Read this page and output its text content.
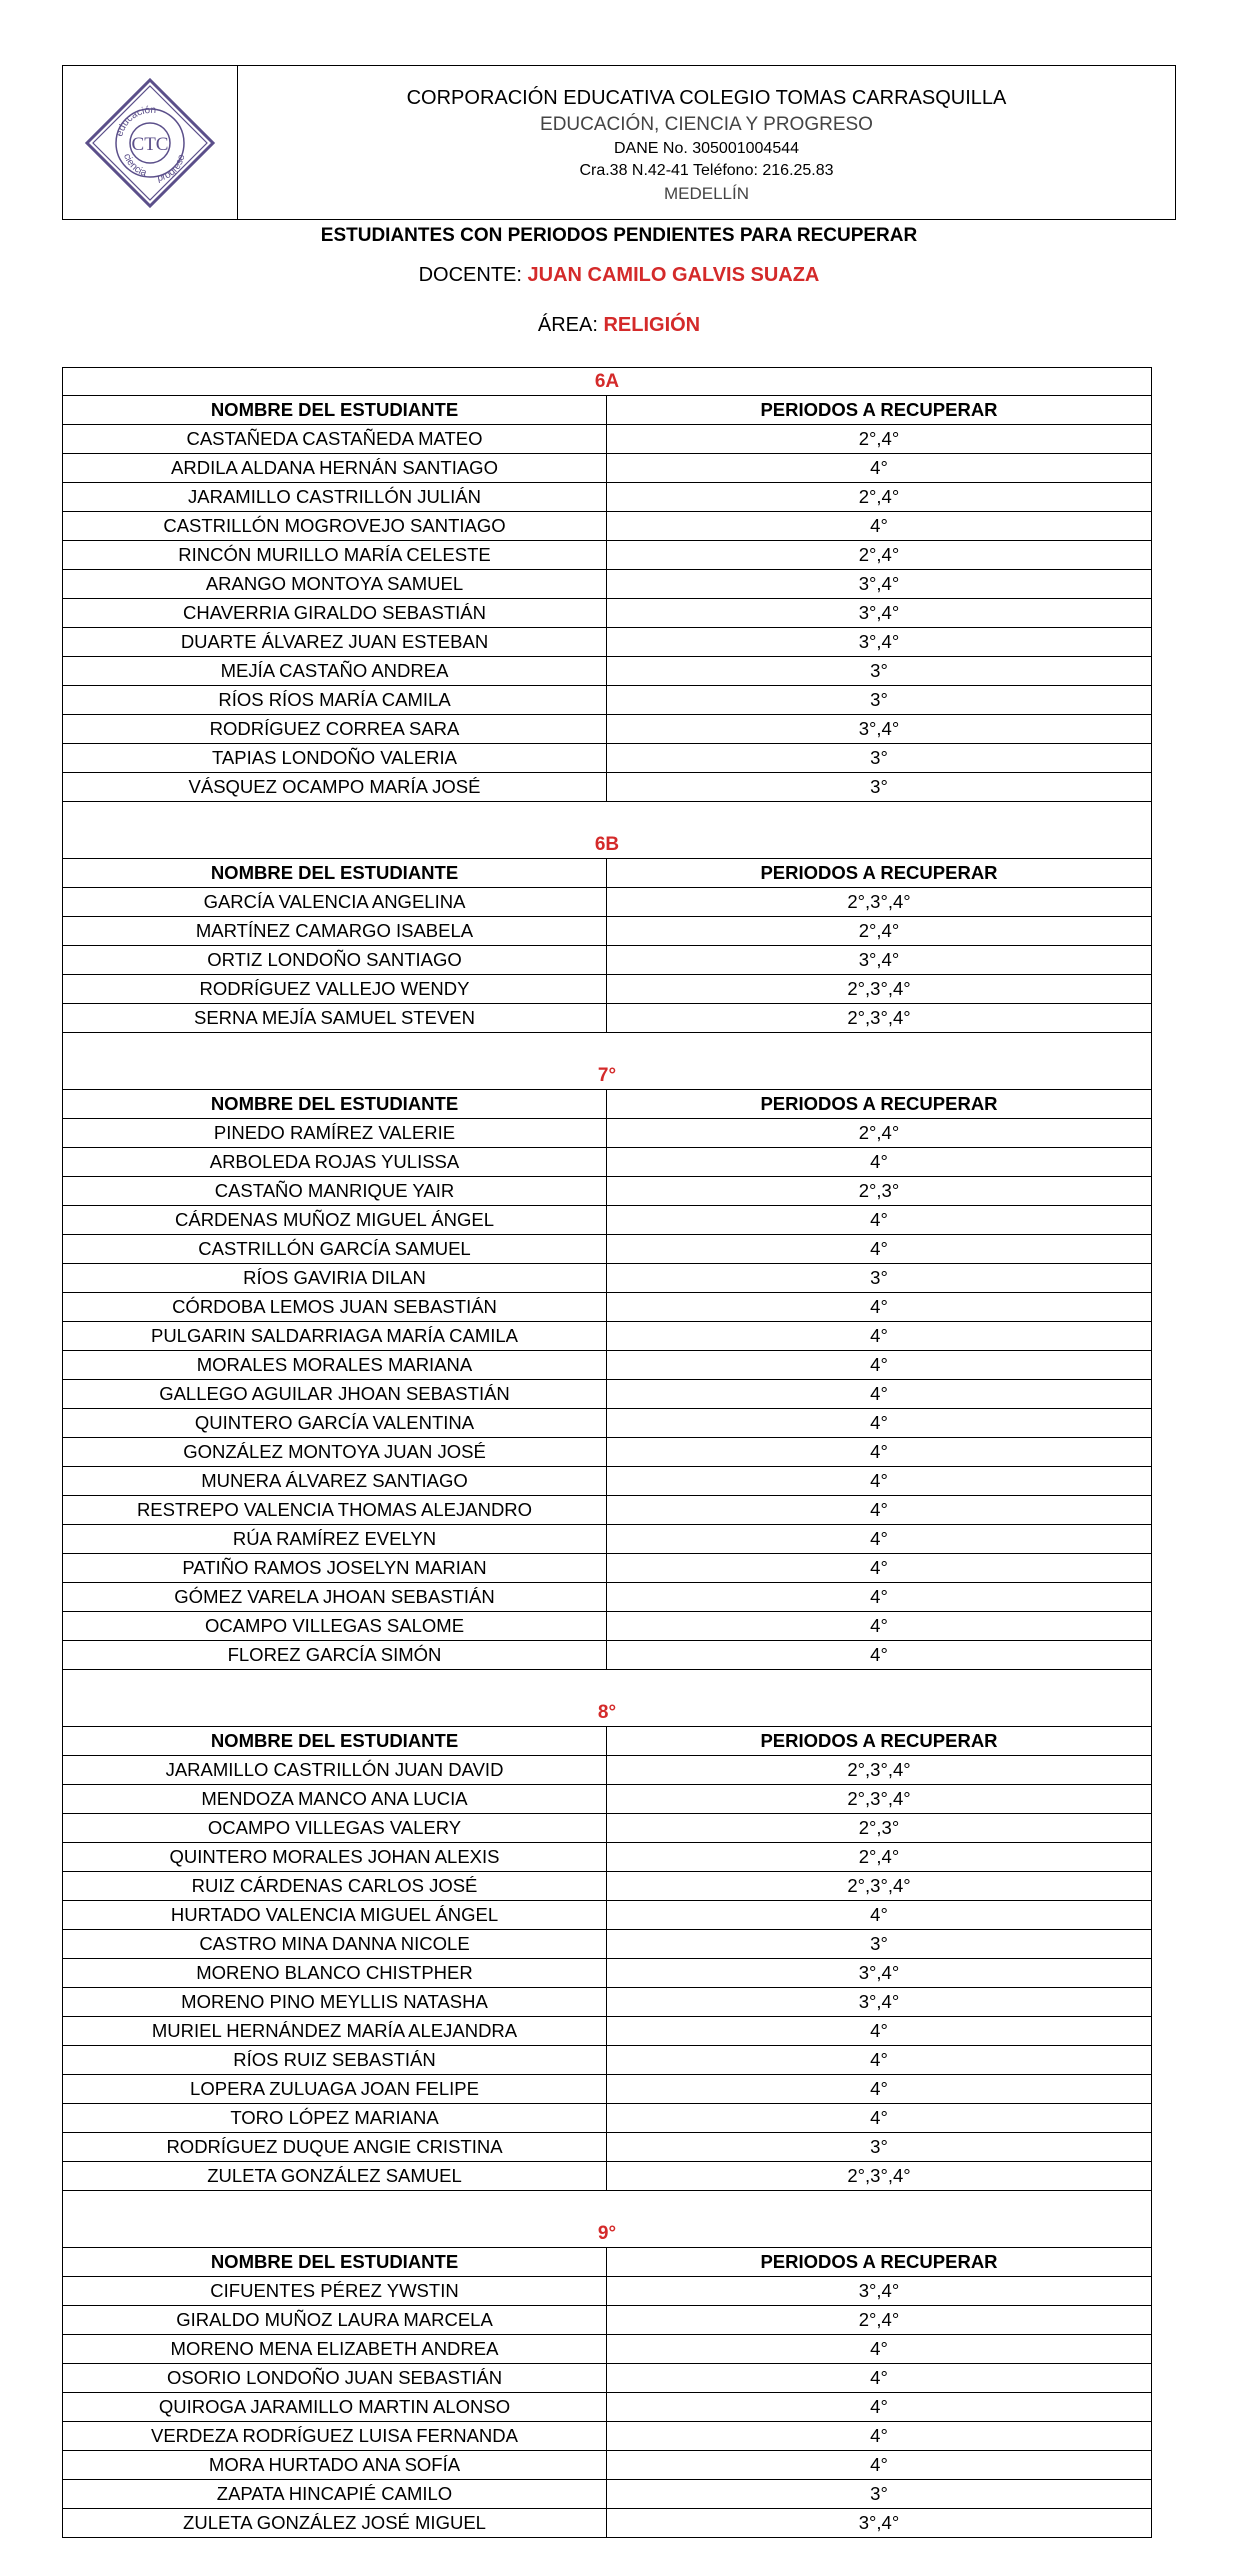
educación
ciencia progreso
CTC
CORPORACIÓN EDUCATIVA COLEGIO TOMAS CARRASQUILLA
EDUCACIÓN, CIENCIA Y PROGRESO
DANE No. 305001004544
Cra.38 N.42-41 Teléfono: 216.25.83
MEDELLÍN
ESTUDIANTES CON PERIODOS PENDIENTES PARA RECUPERAR
DOCENTE: JUAN CAMILO GALVIS SUAZA
ÁREA: RELIGIÓN
6A
NOMBRE DEL ESTUDIANTE	PERIODOS A RECUPERAR
CASTAÑEDA CASTAÑEDA MATEO	2°,4°
ARDILA ALDANA HERNÁN SANTIAGO	4°
JARAMILLO CASTRILLÓN JULIÁN	2°,4°
CASTRILLÓN MOGROVEJO SANTIAGO	4°
RINCÓN MURILLO MARÍA CELESTE	2°,4°
ARANGO MONTOYA SAMUEL	3°,4°
CHAVERRIA GIRALDO SEBASTIÁN	3°,4°
DUARTE ÁLVAREZ JUAN ESTEBAN	3°,4°
MEJÍA CASTAÑO ANDREA	3°
RÍOS RÍOS MARÍA CAMILA	3°
RODRÍGUEZ CORREA SARA	3°,4°
TAPIAS LONDOÑO VALERIA	3°
VÁSQUEZ OCAMPO MARÍA JOSÉ	3°
6B
NOMBRE DEL ESTUDIANTE	PERIODOS A RECUPERAR
GARCÍA VALENCIA ANGELINA	2°,3°,4°
MARTÍNEZ CAMARGO ISABELA	2°,4°
ORTIZ LONDOÑO SANTIAGO	3°,4°
RODRÍGUEZ VALLEJO WENDY	2°,3°,4°
SERNA MEJÍA SAMUEL STEVEN	2°,3°,4°
7°
NOMBRE DEL ESTUDIANTE	PERIODOS A RECUPERAR
PINEDO RAMÍREZ VALERIE	2°,4°
ARBOLEDA ROJAS YULISSA	4°
CASTAÑO MANRIQUE YAIR	2°,3°
CÁRDENAS MUÑOZ MIGUEL ÁNGEL	4°
CASTRILLÓN GARCÍA SAMUEL	4°
RÍOS GAVIRIA DILAN	3°
CÓRDOBA LEMOS JUAN SEBASTIÁN	4°
PULGARIN SALDARRIAGA MARÍA CAMILA	4°
MORALES MORALES MARIANA	4°
GALLEGO AGUILAR JHOAN SEBASTIÁN	4°
QUINTERO GARCÍA VALENTINA	4°
GONZÁLEZ MONTOYA JUAN JOSÉ	4°
MUNERA ÁLVAREZ SANTIAGO	4°
RESTREPO VALENCIA THOMAS ALEJANDRO	4°
RÚA RAMÍREZ EVELYN	4°
PATIÑO RAMOS JOSELYN MARIAN	4°
GÓMEZ VARELA JHOAN SEBASTIÁN	4°
OCAMPO VILLEGAS SALOME	4°
FLOREZ GARCÍA SIMÓN	4°
8°
NOMBRE DEL ESTUDIANTE	PERIODOS A RECUPERAR
JARAMILLO CASTRILLÓN JUAN DAVID	2°,3°,4°
MENDOZA MANCO ANA LUCIA	2°,3°,4°
OCAMPO VILLEGAS VALERY	2°,3°
QUINTERO MORALES JOHAN ALEXIS	2°,4°
RUIZ CÁRDENAS CARLOS JOSÉ	2°,3°,4°
HURTADO VALENCIA MIGUEL ÁNGEL	4°
CASTRO MINA DANNA NICOLE	3°
MORENO BLANCO CHISTPHER	3°,4°
MORENO PINO MEYLLIS NATASHA	3°,4°
MURIEL HERNÁNDEZ MARÍA ALEJANDRA	4°
RÍOS RUIZ SEBASTIÁN	4°
LOPERA ZULUAGA JOAN FELIPE	4°
TORO LÓPEZ MARIANA	4°
RODRÍGUEZ DUQUE ANGIE CRISTINA	3°
ZULETA GONZÁLEZ SAMUEL	2°,3°,4°
9°
NOMBRE DEL ESTUDIANTE	PERIODOS A RECUPERAR
CIFUENTES PÉREZ YWSTIN	3°,4°
GIRALDO MUÑOZ LAURA MARCELA	2°,4°
MORENO MENA ELIZABETH ANDREA	4°
OSORIO LONDOÑO JUAN SEBASTIÁN	4°
QUIROGA JARAMILLO MARTIN ALONSO	4°
VERDEZA RODRÍGUEZ LUISA FERNANDA	4°
MORA HURTADO ANA SOFÍA	4°
ZAPATA HINCAPIÉ CAMILO	3°
ZULETA GONZÁLEZ JOSÉ MIGUEL	3°,4°
